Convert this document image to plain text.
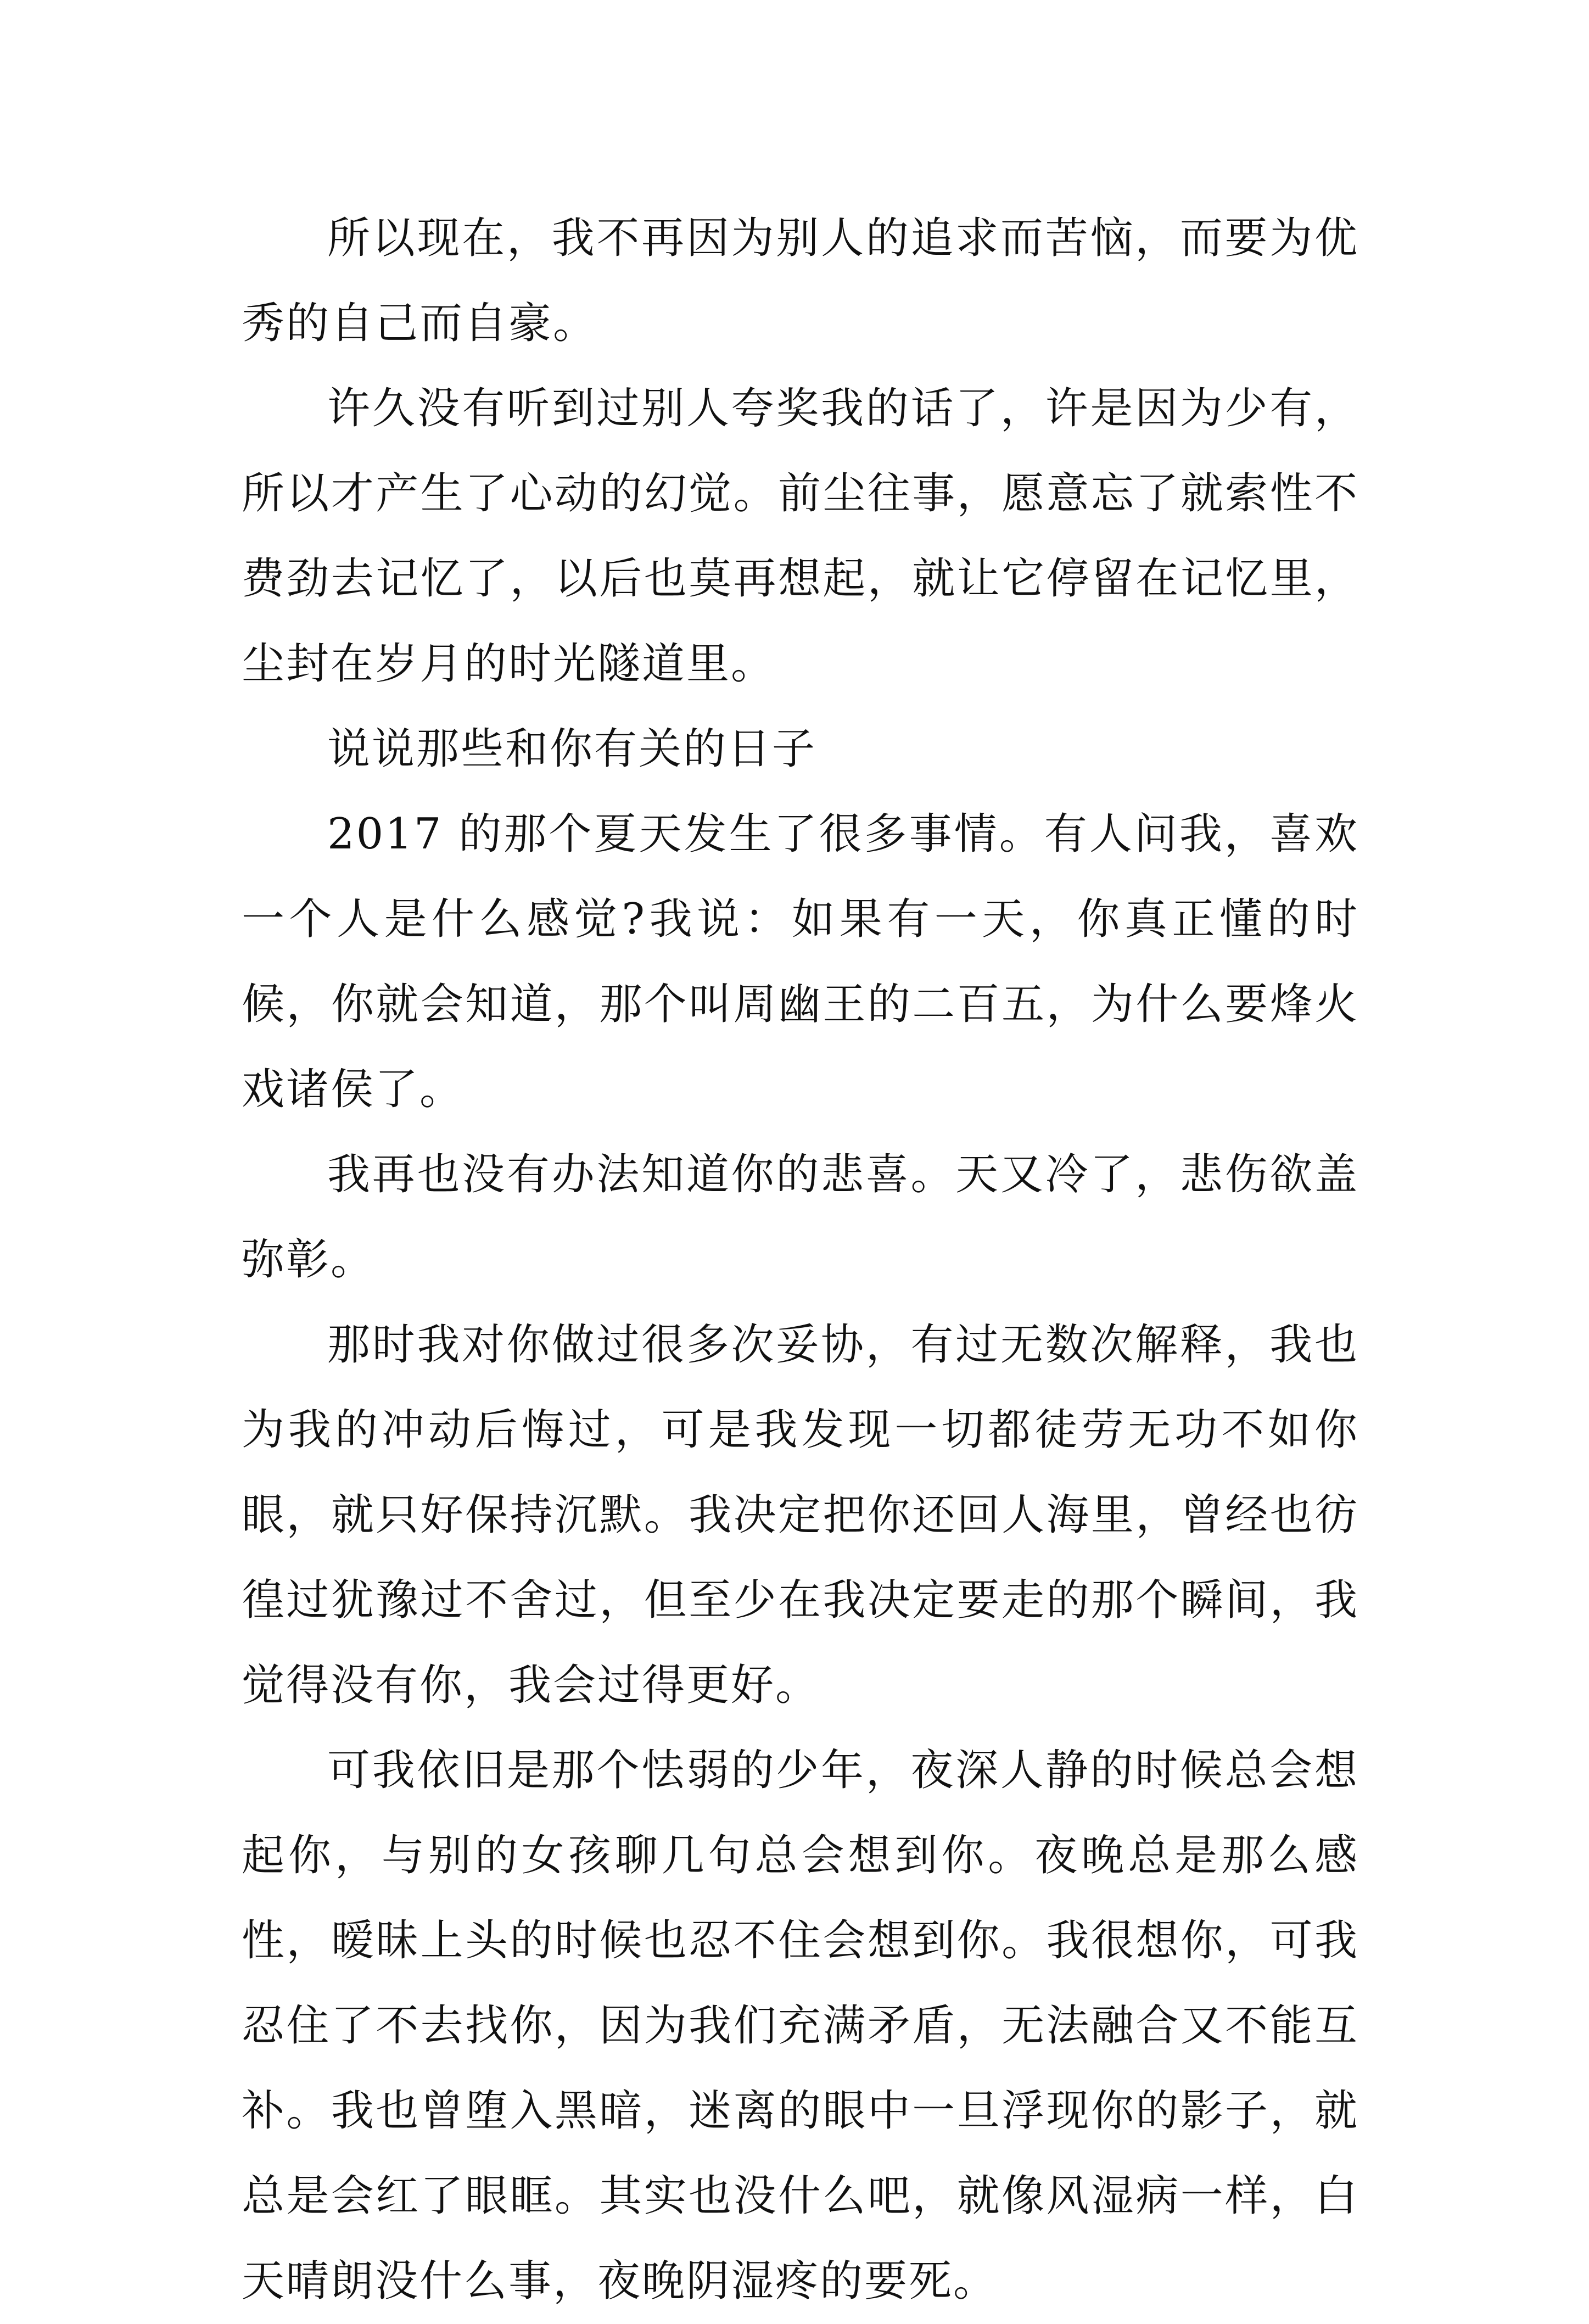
所以现在，我不再因为别人的追求而苦恼，而要为优秀的自己而自豪。

许久没有听到过别人夸奖我的话了，许是因为少有，所以才产生了心动的幻觉。前尘往事，愿意忘了就索性不费劲去记忆了，以后也莫再想起，就让它停留在记忆里，尘封在岁月的时光隧道里。

说说那些和你有关的日子

2017 的那个夏天发生了很多事情。有人问我，喜欢一个人是什么感觉?我说：如果有一天，你真正懂的时候，你就会知道，那个叫周幽王的二百五，为什么要烽火戏诸侯了。

我再也没有办法知道你的悲喜。天又冷了，悲伤欲盖弥彰。

那时我对你做过很多次妥协，有过无数次解释，我也为我的冲动后悔过，可是我发现一切都徒劳无功不如你眼，就只好保持沉默。我决定把你还回人海里，曾经也彷徨过犹豫过不舍过，但至少在我决定要走的那个瞬间，我觉得没有你，我会过得更好。

可我依旧是那个怯弱的少年，夜深人静的时候总会想起你，与别的女孩聊几句总会想到你。夜晚总是那么感性，暧昧上头的时候也忍不住会想到你。我很想你，可我忍住了不去找你，因为我们充满矛盾，无法融合又不能互补。我也曾堕入黑暗，迷离的眼中一旦浮现你的影子，就总是会红了眼眶。其实也没什么吧，就像风湿病一样，白天晴朗没什么事，夜晚阴湿疼的要死。
